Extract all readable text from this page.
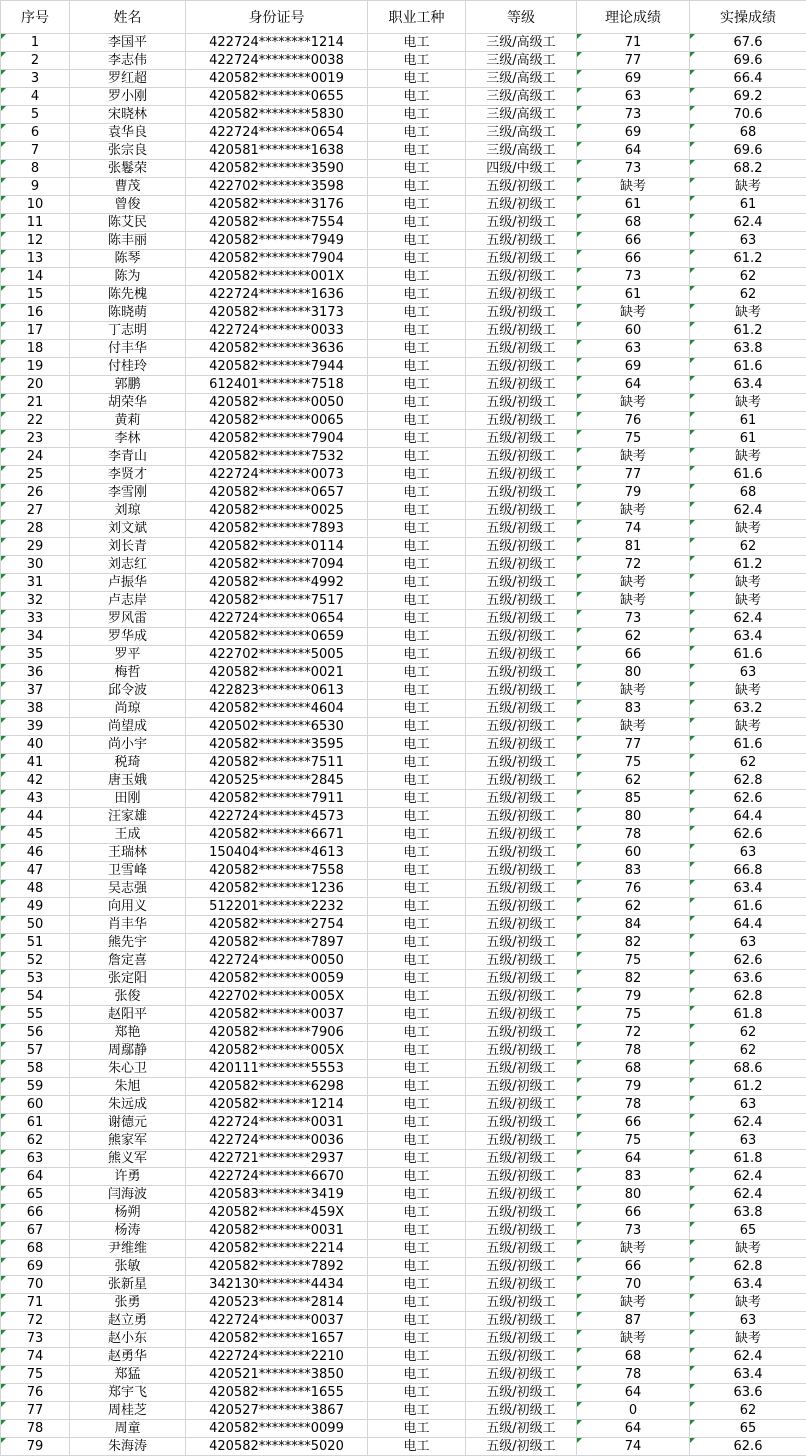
序号	姓名	身份证号	职业工种	等级	理论成绩	实操成绩
1	李国平	422724********1214	电工	三级/高级工	71	67.6
2	李志伟	422724********0038	电工	三级/高级工	77	69.6
3	罗红超	420582********0019	电工	三级/高级工	69	66.4
4	罗小刚	420582********0655	电工	三级/高级工	63	69.2
5	宋晓林	420582********5830	电工	三级/高级工	73	70.6
6	袁华良	422724********0654	电工	三级/高级工	69	68
7	张宗良	420581********1638	电工	三级/高级工	64	69.6
8	张鬈荣	420582********3590	电工	四级/中级工	73	68.2
9	曹茂	422702********3598	电工	五级/初级工	缺考	缺考
10	曾俊	420582********3176	电工	五级/初级工	61	61
11	陈艾民	420582********7554	电工	五级/初级工	68	62.4
12	陈丰丽	420582********7949	电工	五级/初级工	66	63
13	陈琴	420582********7904	电工	五级/初级工	66	61.2
14	陈为	420582********001X	电工	五级/初级工	73	62
15	陈先槐	422724********1636	电工	五级/初级工	61	62
16	陈晓萌	420582********3173	电工	五级/初级工	缺考	缺考
17	丁志明	422724********0033	电工	五级/初级工	60	61.2
18	付丰华	420582********3636	电工	五级/初级工	63	63.8
19	付桂玲	420582********7944	电工	五级/初级工	69	61.6
20	郭鹏	612401********7518	电工	五级/初级工	64	63.4
21	胡荣华	420582********0050	电工	五级/初级工	缺考	缺考
22	黄莉	420582********0065	电工	五级/初级工	76	61
23	李林	420582********7904	电工	五级/初级工	75	61
24	李青山	420582********7532	电工	五级/初级工	缺考	缺考
25	李贤才	422724********0073	电工	五级/初级工	77	61.6
26	李雪刚	420582********0657	电工	五级/初级工	79	68
27	刘琼	420582********0025	电工	五级/初级工	缺考	62.4
28	刘文斌	420582********7893	电工	五级/初级工	74	缺考
29	刘长青	420582********0114	电工	五级/初级工	81	62
30	刘志红	420582********7094	电工	五级/初级工	72	61.2
31	卢振华	420582********4992	电工	五级/初级工	缺考	缺考
32	卢志岸	420582********7517	电工	五级/初级工	缺考	缺考
33	罗风雷	422724********0654	电工	五级/初级工	73	62.4
34	罗华成	420582********0659	电工	五级/初级工	62	63.4
35	罗平	422702********5005	电工	五级/初级工	66	61.6
36	梅哲	420582********0021	电工	五级/初级工	80	63
37	邱令波	422823********0613	电工	五级/初级工	缺考	缺考
38	尚琼	420582********4604	电工	五级/初级工	83	63.2
39	尚望成	420502********6530	电工	五级/初级工	缺考	缺考
40	尚小宇	420582********3595	电工	五级/初级工	77	61.6
41	税琦	420582********7511	电工	五级/初级工	75	62
42	唐玉娥	420525********2845	电工	五级/初级工	62	62.8
43	田刚	420582********7911	电工	五级/初级工	85	62.6
44	汪家雄	422724********4573	电工	五级/初级工	80	64.4
45	王成	420582********6671	电工	五级/初级工	78	62.6
46	王瑞林	150404********4613	电工	五级/初级工	60	63
47	卫雪峰	420582********7558	电工	五级/初级工	83	66.8
48	吴志强	420582********1236	电工	五级/初级工	76	63.4
49	向用义	512201********2232	电工	五级/初级工	62	61.6
50	肖丰华	420582********2754	电工	五级/初级工	84	64.4
51	熊先宇	420582********7897	电工	五级/初级工	82	63
52	詹定喜	422724********0050	电工	五级/初级工	75	62.6
53	张定阳	420582********0059	电工	五级/初级工	82	63.6
54	张俊	422702********005X	电工	五级/初级工	79	62.8
55	赵阳平	420582********0037	电工	五级/初级工	75	61.8
56	郑艳	420582********7906	电工	五级/初级工	72	62
57	周鄢静	420582********005X	电工	五级/初级工	78	62
58	朱心卫	420111********5553	电工	五级/初级工	68	68.6
59	朱旭	420582********6298	电工	五级/初级工	79	61.2
60	朱远成	420582********1214	电工	五级/初级工	78	63
61	谢德元	422724********0031	电工	五级/初级工	66	62.4
62	熊家军	422724********0036	电工	五级/初级工	75	63
63	熊义军	422721********2937	电工	五级/初级工	64	61.8
64	许勇	422724********6670	电工	五级/初级工	83	62.4
65	闫海波	420583********3419	电工	五级/初级工	80	62.4
66	杨朔	420582********459X	电工	五级/初级工	66	63.8
67	杨涛	420582********0031	电工	五级/初级工	73	65
68	尹维维	420582********2214	电工	五级/初级工	缺考	缺考
69	张敏	420582********7892	电工	五级/初级工	66	62.8
70	张新星	342130********4434	电工	五级/初级工	70	63.4
71	张勇	420523********2814	电工	五级/初级工	缺考	缺考
72	赵立勇	422724********0037	电工	五级/初级工	87	63
73	赵小东	420582********1657	电工	五级/初级工	缺考	缺考
74	赵勇华	422724********2210	电工	五级/初级工	68	62.4
75	郑猛	420521********3850	电工	五级/初级工	78	63.4
76	郑宇飞	420582********1655	电工	五级/初级工	64	63.6
77	周桂芝	420527********3867	电工	五级/初级工	0	62
78	周童	420582********0099	电工	五级/初级工	64	65
79	朱海涛	420582********5020	电工	五级/初级工	74	62.6
